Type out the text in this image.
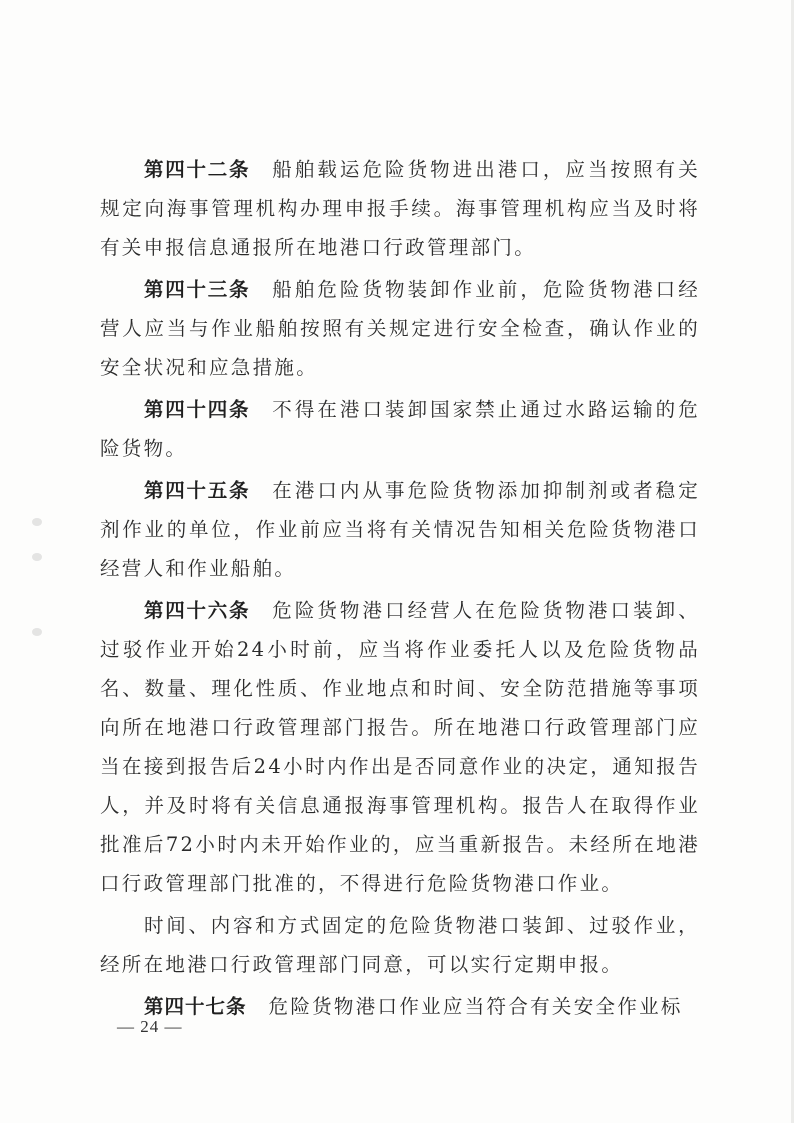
第四十二条 船舶载运危险货物进出港口，应当按照有关规定向海事管理机构办理申报手续。海事管理机构应当及时将有关申报信息通报所在地港口行政管理部门。

第四十三条 船舶危险货物装卸作业前，危险货物港口经营人应当与作业船舶按照有关规定进行安全检查，确认作业的安全状况和应急措施。

第四十四条 不得在港口装卸国家禁止通过水路运输的危险货物。

第四十五条 在港口内从事危险货物添加抑制剂或者稳定剂作业的单位，作业前应当将有关情况告知相关危险货物港口经营人和作业船舶。

第四十六条 危险货物港口经营人在危险货物港口装卸、过驳作业开始24小时前，应当将作业委托人以及危险货物品名、数量、理化性质、作业地点和时间、安全防范措施等事项向所在地港口行政管理部门报告。所在地港口行政管理部门应当在接到报告后24小时内作出是否同意作业的决定，通知报告人，并及时将有关信息通报海事管理机构。报告人在取得作业批准后72小时内未开始作业的，应当重新报告。未经所在地港口行政管理部门批准的，不得进行危险货物港口作业。

时间、内容和方式固定的危险货物港口装卸、过驳作业，经所在地港口行政管理部门同意，可以实行定期申报。

第四十七条 危险货物港口作业应当符合有关安全作业标

— 24 —
